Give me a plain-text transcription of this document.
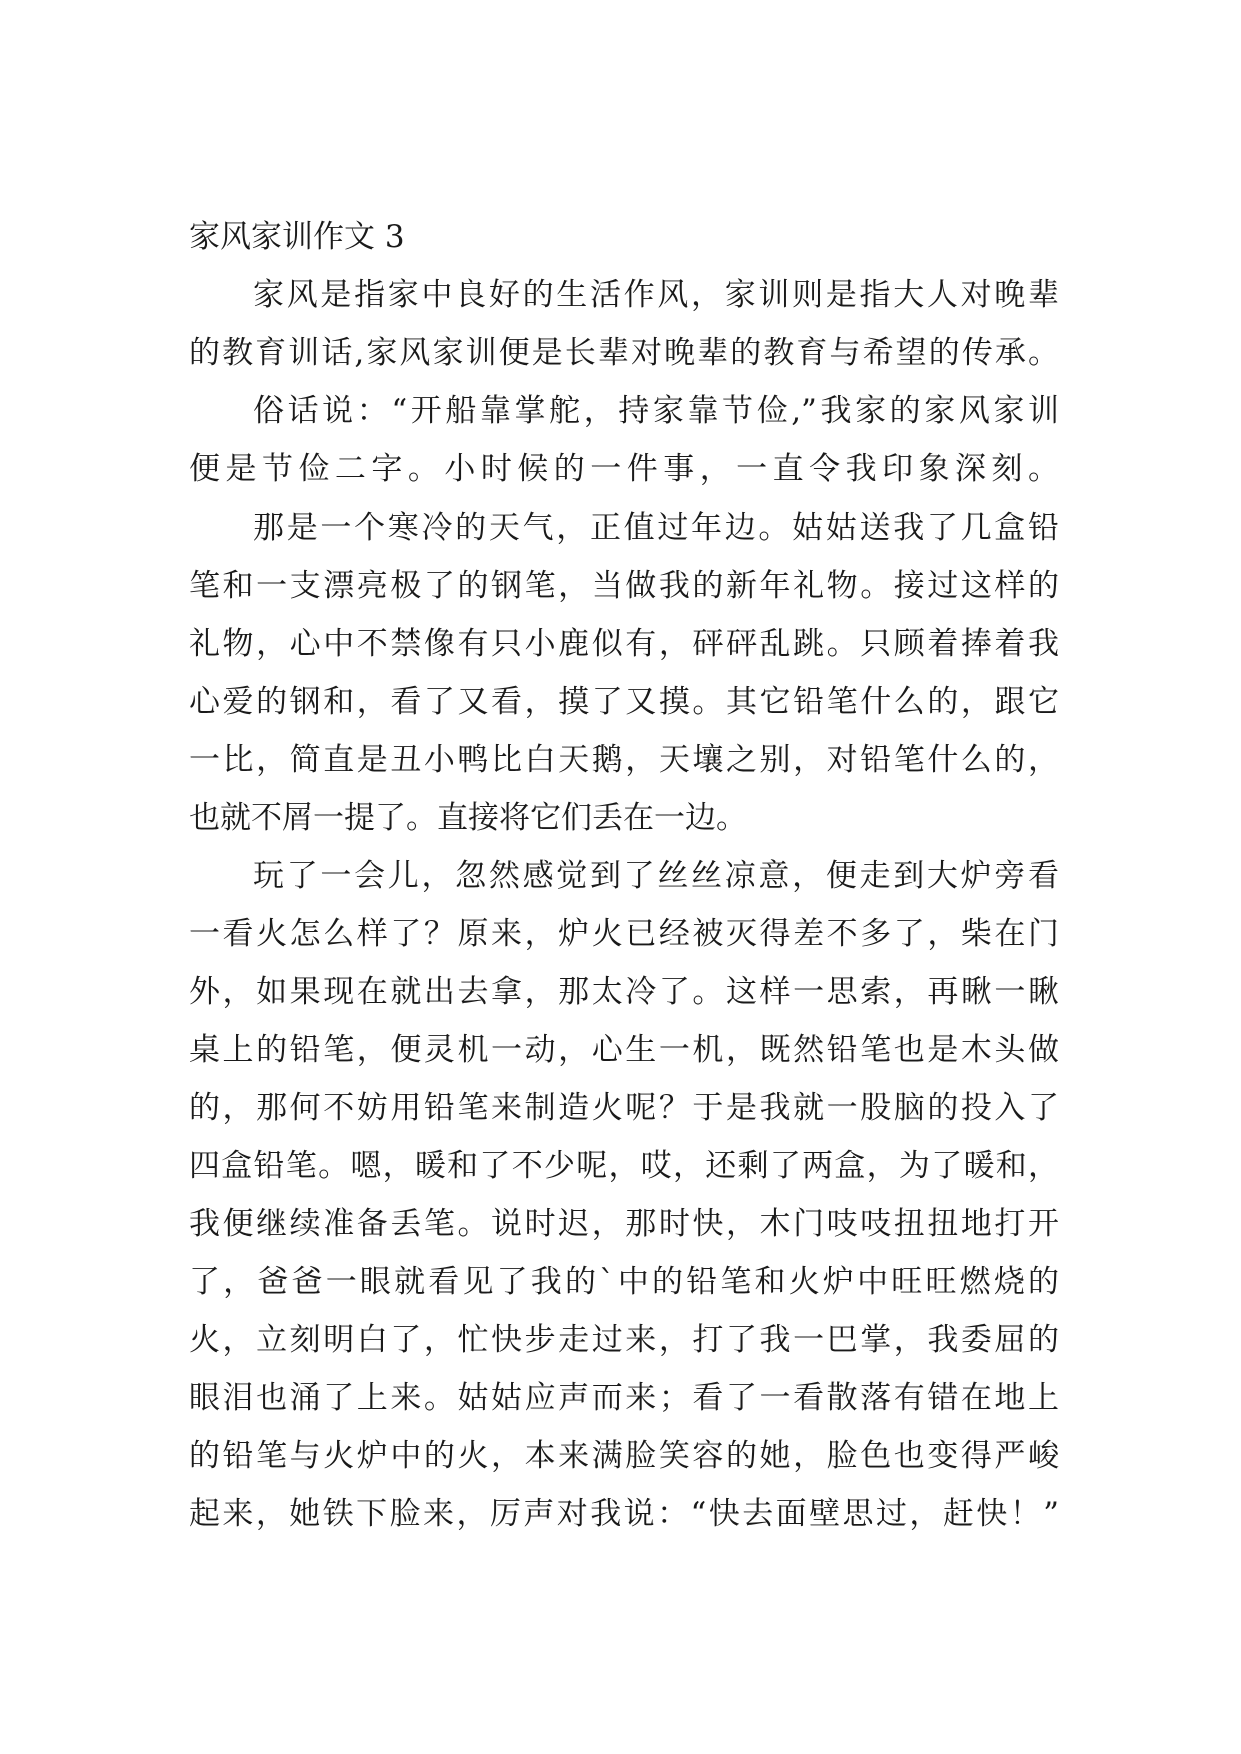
家风家训作文 3
家风是指家中良好的生活作风，家训则是指大人对晚辈
的教育训话,家风家训便是长辈对晚辈的教育与希望的传承。
俗话说：“开船靠掌舵，持家靠节俭,”我家的家风家训
便是节俭二字。小时候的一件事，一直令我印象深刻。
那是一个寒冷的天气，正值过年边。姑姑送我了几盒铅
笔和一支漂亮极了的钢笔，当做我的新年礼物。接过这样的
礼物，心中不禁像有只小鹿似有，砰砰乱跳。只顾着捧着我
心爱的钢和，看了又看，摸了又摸。其它铅笔什么的，跟它
一比，简直是丑小鸭比白天鹅，天壤之别，对铅笔什么的，
也就不屑一提了。直接将它们丢在一边。
玩了一会儿，忽然感觉到了丝丝凉意，便走到大炉旁看
一看火怎么样了？原来，炉火已经被灭得差不多了，柴在门
外，如果现在就出去拿，那太冷了。这样一思索，再瞅一瞅
桌上的铅笔，便灵机一动，心生一机，既然铅笔也是木头做
的，那何不妨用铅笔来制造火呢？于是我就一股脑的投入了
四盒铅笔。嗯，暖和了不少呢，哎，还剩了两盒，为了暖和，
我便继续准备丢笔。说时迟，那时快，木门吱吱扭扭地打开
了，爸爸一眼就看见了我的`中的铅笔和火炉中旺旺燃烧的
火，立刻明白了，忙快步走过来，打了我一巴掌，我委屈的
眼泪也涌了上来。姑姑应声而来；看了一看散落有错在地上
的铅笔与火炉中的火，本来满脸笑容的她，脸色也变得严峻
起来，她铁下脸来，厉声对我说：“快去面壁思过，赶快！”
